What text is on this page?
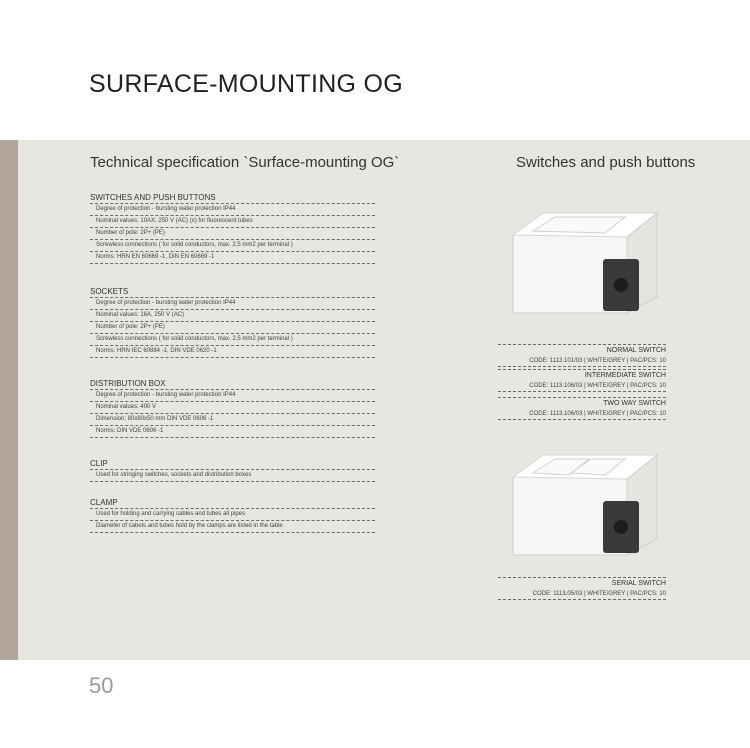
SURFACE-MOUNTING OG
Technical specification `Surface-mounting OG`	Switches and push buttons
SWITCHES AND PUSH BUTTONS
Degree of protection - bursting water protection IP44
Nominal values: 10AX, 250 V (AC) (x) for fluorescent tubes
Number of pole: 2P+ (PE)
Screwless connections ( for solid conductors, max. 2,5 mm2 per terminal )
Norms: HRN EN 60669 -1, DIN EN 60669 -1
SOCKETS
Degree of protection - bursting water protection IP44
Nominal values: 16A, 250 V (AC)
Number of pole: 2P+ (PE)
Screwless connections ( for solid conductors, max. 2,5 mm2 per terminal )
Norms: HRN IEC 60884 -1, DIN VDE 0620 -1
DISTRIBUTION BOX
Degree of protection - bursting water protection IP44
Nominal values: 400 V
Dimension: 80x80x50 mm DIN VDE 0606 -1
Norms: DIN VDE 0606 -1
CLIP
Used for stringing switches, sockets and distribution boxes
CLAMP
Used for holding and carrying cables and tubes all pipes
Diameter of cabels and tubes hold by the clamps are listed in the table
NORMAL SWITCH
CODE: 1113.101/03 | WHITE/GREY | PAC/PCS: 10
INTERMEDIATE SWITCH
CODE: 1113.106/03 | WHITE/GREY | PAC/PCS: 10
TWO WAY SWITCH
CODE: 1113.106/03 | WHITE/GREY | PAC/PCS: 10
SERIAL SWITCH
CODE: 1113.05/03 | WHITE/GREY | PAC/PCS: 10
50
